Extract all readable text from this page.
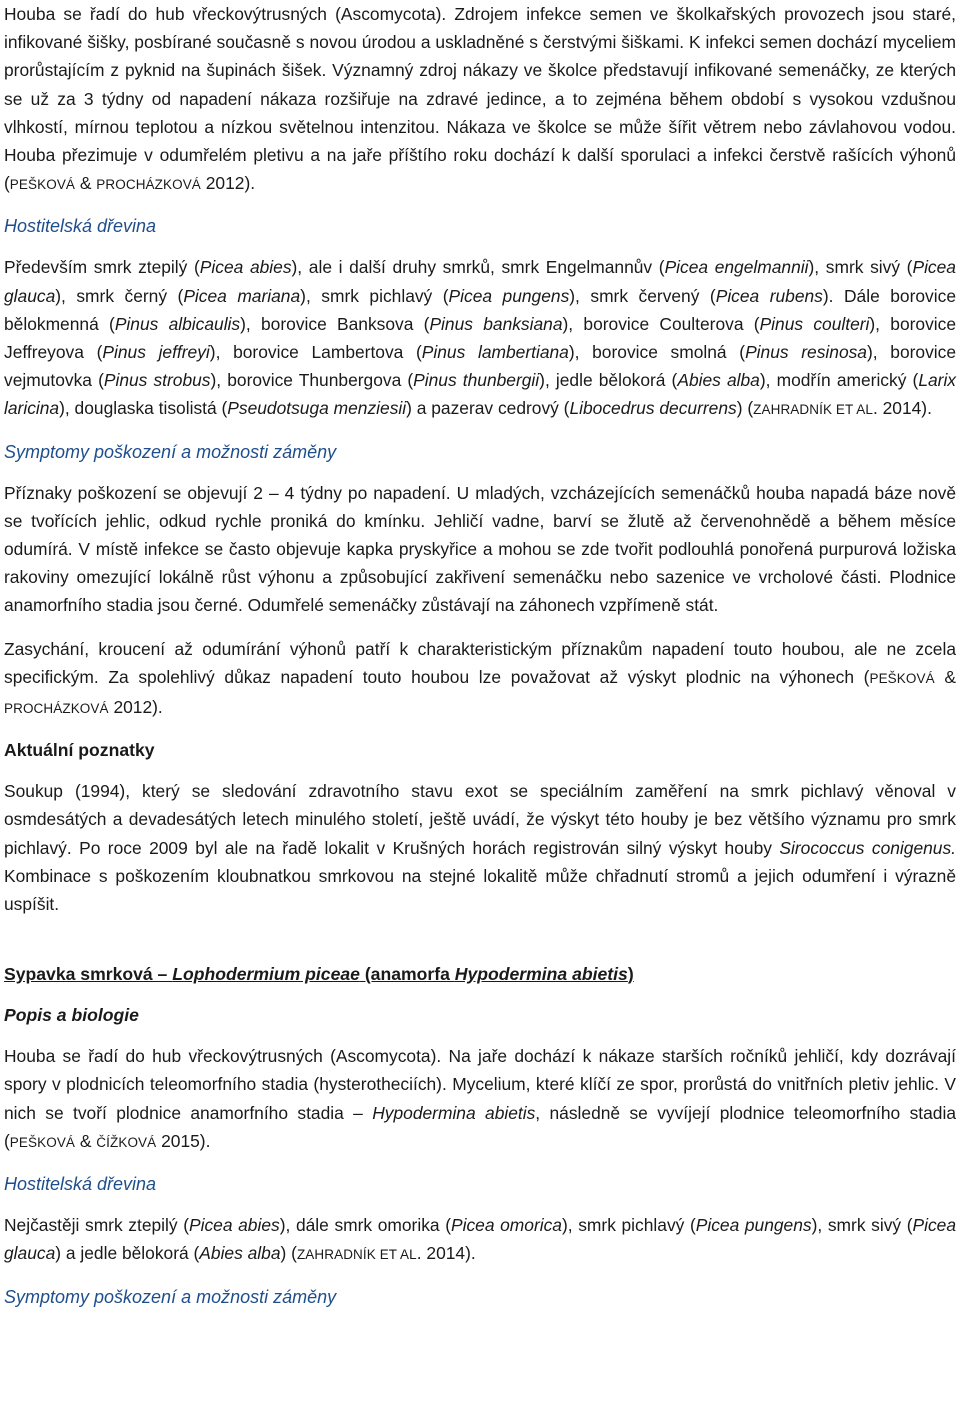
Houba se řadí do hub vřeckovýtrusných (Ascomycota). Zdrojem infekce semen ve školkařských provozech jsou staré, infikované šišky, posbírané současně s novou úrodou a uskladněné s čerstvými šiškami. K infekci semen dochází myceliem prorůstajícím z pyknid na šupinách šišek. Významný zdroj nákazy ve školce představují infikované semenáčky, ze kterých se už za 3 týdny od napadení nákaza rozšiřuje na zdravé jedince, a to zejména během období s vysokou vzdušnou vlhkostí, mírnou teplotou a nízkou světelnou intenzitou. Nákaza ve školce se může šířit větrem nebo závlahovou vodou. Houba přezimuje v odumřelém pletivu a na jaře příštího roku dochází k další sporulaci a infekci čerstvě rašících výhonů (PEŠKOVÁ & PROCHÁZKOVÁ 2012).

Hostitelská dřevina

Především smrk ztepilý (Picea abies), ale i další druhy smrků, smrk Engelmannův (Picea engelmannii), smrk sivý (Picea glauca), smrk černý (Picea mariana), smrk pichlavý (Picea pungens), smrk červený (Picea rubens). Dále borovice bělokmenná (Pinus albicaulis), borovice Banksova (Pinus banksiana), borovice Coulterova (Pinus coulteri), borovice Jeffreyova (Pinus jeffreyi), borovice Lambertova (Pinus lambertiana), borovice smolná (Pinus resinosa), borovice vejmutovka (Pinus strobus), borovice Thunbergova (Pinus thunbergii), jedle bělokorá (Abies alba), modřín americký (Larix laricina), douglaska tisolistá (Pseudotsuga menziesii) a pazerav cedrový (Libocedrus decurrens) (ZAHRADNÍK ET AL. 2014).

Symptomy poškození a možnosti záměny

Příznaky poškození se objevují 2 – 4 týdny po napadení. U mladých, vzcházejících semenáčků houba napadá báze nově se tvořících jehlic, odkud rychle proniká do kmínku. Jehličí vadne, barví se žlutě až červenohnědě a během měsíce odumírá. V místě infekce se často objevuje kapka pryskyřice a mohou se zde tvořit podlouhlá ponořená purpurová ložiska rakoviny omezující lokálně růst výhonu a způsobující zakřivení semenáčku nebo sazenice ve vrcholové části. Plodnice anamorfního stadia jsou černé. Odumřelé semenáčky zůstávají na záhonech vzpřímeně stát.

Zasychání, kroucení až odumírání výhonů patří k charakteristickým příznakům napadení touto houbou, ale ne zcela specifickým. Za spolehlivý důkaz napadení touto houbou lze považovat až výskyt plodnic na výhonech (PEŠKOVÁ & PROCHÁZKOVÁ 2012).

Aktuální poznatky

Soukup (1994), který se sledování zdravotního stavu exot se speciálním zaměření na smrk pichlavý věnoval v osmdesátých a devadesátých letech minulého století, ještě uvádí, že výskyt této houby je bez většího významu pro smrk pichlavý. Po roce 2009 byl ale na řadě lokalit v Krušných horách registrován silný výskyt houby Sirococcus conigenus. Kombinace s poškozením kloubnatkou smrkovou na stejné lokalitě může chřadnutí stromů a jejich odumření i výrazně uspíšit.

Sypavka smrková – Lophodermium piceae (anamorfa Hypodermina abietis)
Popis a biologie

Houba se řadí do hub vřeckovýtrusných (Ascomycota). Na jaře dochází k nákaze starších ročníků jehličí, kdy dozrávají spory v plodnicích teleomorfního stadia (hysterotheciích). Mycelium, které klíčí ze spor, prorůstá do vnitřních pletiv jehlic. V nich se tvoří plodnice anamorfního stadia – Hypodermina abietis, následně se vyvíjejí plodnice teleomorfního stadia (PEŠKOVÁ & ČÍŽKOVÁ 2015).

Hostitelská dřevina

Nejčastěji smrk ztepilý (Picea abies), dále smrk omorika (Picea omorica), smrk pichlavý (Picea pungens), smrk sivý (Picea glauca) a jedle bělokorá (Abies alba) (ZAHRADNÍK ET AL. 2014).

Symptomy poškození a možnosti záměny
